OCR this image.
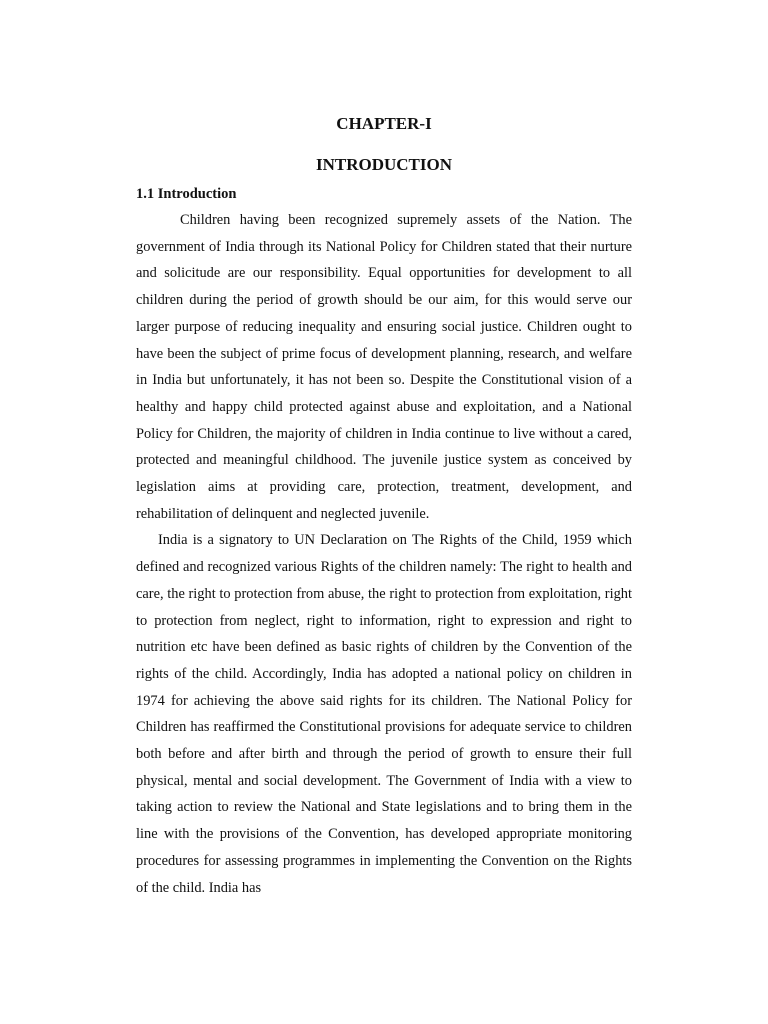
CHAPTER-I
INTRODUCTION
1.1 Introduction

Children having been recognized supremely assets of the Nation. The government of India through its National Policy for Children stated that their nurture and solicitude are our responsibility. Equal opportunities for development to all children during the period of growth should be our aim, for this would serve our larger purpose of reducing inequality and ensuring social justice. Children ought to have been the subject of prime focus of development planning, research, and welfare in India but unfortunately, it has not been so. Despite the Constitutional vision of a healthy and happy child protected against abuse and exploitation, and a National Policy for Children, the majority of children in India continue to live without a cared, protected and meaningful childhood. The juvenile justice system as conceived by legislation aims at providing care, protection, treatment, development, and rehabilitation of delinquent and neglected juvenile.

India is a signatory to UN Declaration on The Rights of the Child, 1959 which defined and recognized various Rights of the children namely: The right to health and care, the right to protection from abuse, the right to protection from exploitation, right to protection from neglect, right to information, right to expression and right to nutrition etc have been defined as basic rights of children by the Convention of the rights of the child. Accordingly, India has adopted a national policy on children in 1974 for achieving the above said rights for its children. The National Policy for Children has reaffirmed the Constitutional provisions for adequate service to children both before and after birth and through the period of growth to ensure their full physical, mental and social development. The Government of India with a view to taking action to review the National and State legislations and to bring them in the line with the provisions of the Convention, has developed appropriate monitoring procedures for assessing programmes in implementing the Convention on the Rights of the child. India has
